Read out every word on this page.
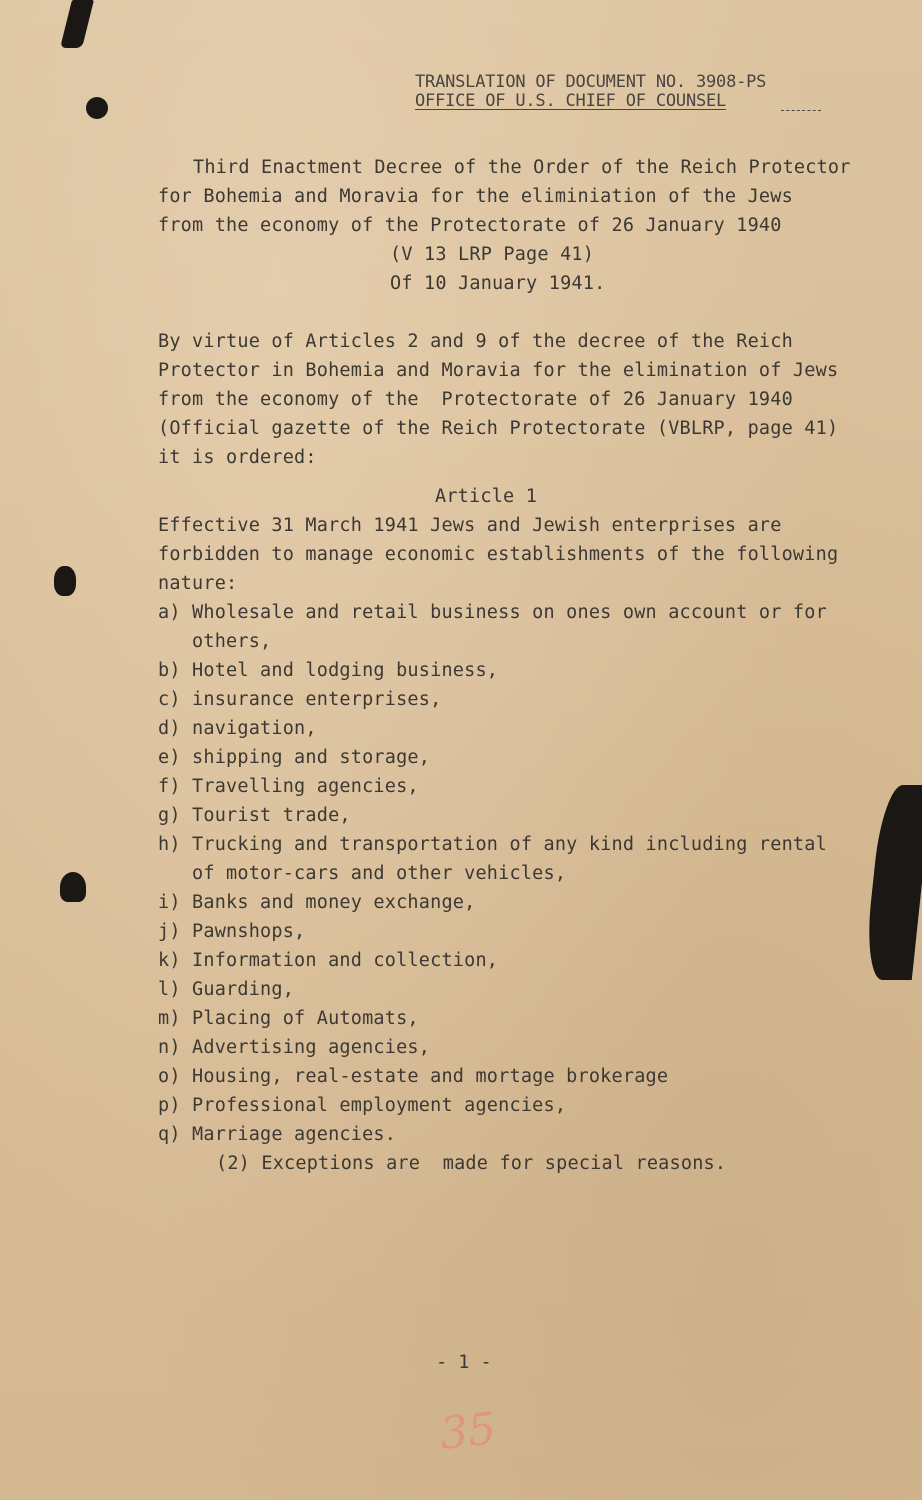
TRANSLATION OF DOCUMENT NO. 3908-PS
OFFICE OF U.S. CHIEF OF COUNSEL
Third Enactment Decree of the Order of the Reich Protector
for Bohemia and Moravia for the eliminiation of the Jews
from the economy of the Protectorate of 26 January 1940
(V 13 LRP Page 41)
Of 10 January 1941.
By virtue of Articles 2 and 9 of the decree of the Reich
Protector in Bohemia and Moravia for the elimination of Jews
from the economy of the  Protectorate of 26 January 1940
(Official gazette of the Reich Protectorate (VBLRP, page 41)
it is ordered:
Article 1
Effective 31 March 1941 Jews and Jewish enterprises are
forbidden to manage economic establishments of the following
nature:
a) Wholesale and retail business on ones own account or for
others,
b) Hotel and lodging business,
c) insurance enterprises,
d) navigation,
e) shipping and storage,
f) Travelling agencies,
g) Tourist trade,
h) Trucking and transportation of any kind including rental
of motor-cars and other vehicles,
i) Banks and money exchange,
j) Pawnshops,
k) Information and collection,
l) Guarding,
m) Placing of Automats,
n) Advertising agencies,
o) Housing, real-estate and mortage brokerage
p) Professional employment agencies,
q) Marriage agencies.
(2) Exceptions are  made for special reasons.
- 1 -
35
